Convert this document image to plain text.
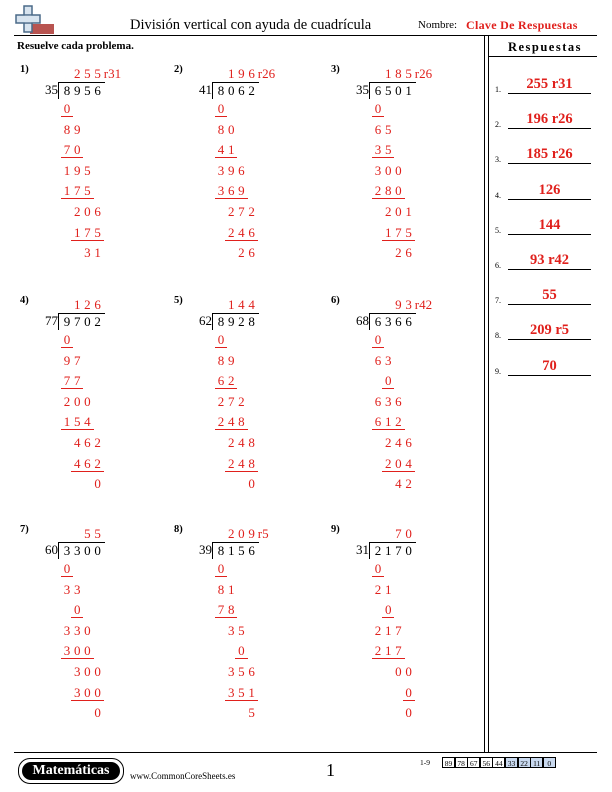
División vertical con ayuda de cuadrícula	Nombre: Clave De Respuestas
Resuelve cada problema.	Respuestas
1.	255 r31
2.	196 r26
3.	185 r26
4.	126
5.	144
6.	93 r42
7.	55
8.	209 r5
9.	70
1)
35 8 9 5 6
2 5 5 r31
0
8 9
7 0
1 9 5
1 7 5
2 0 6
1 7 5
3 1
2)
41 8 0 6 2
1 9 6 r26
0
8 0
4 1
3 9 6
3 6 9
2 7 2
2 4 6
2 6
3)
35 6 5 0 1
1 8 5 r26
0
6 5
3 5
3 0 0
2 8 0
2 0 1
1 7 5
2 6
4)
77 9 7 0 2
1 2 6
0
9 7
7 7
2 0 0
1 5 4
4 6 2
4 6 2
0
5)
62 8 9 2 8
1 4 4
0
8 9
6 2
2 7 2
2 4 8
2 4 8
2 4 8
0
6)
68 6 3 6 6
9 3 r42
0
6 3
0
6 3 6
6 1 2
2 4 6
2 0 4
4 2
7)
60 3 3 0 0
5 5
0
3 3
0
3 3 0
3 0 0
3 0 0
3 0 0
0
8)
39 8 1 5 6
2 0 9 r5
0
8 1
7 8
3 5
0
3 5 6
3 5 1
5
9)
31 2 1 7 0
7 0
0
2 1
0
2 1 7
2 1 7
0 0
0
0
Matemáticas	www.CommonCoreSheets.es	1	1-9	89 78 67 56 44 33 22 11 0
